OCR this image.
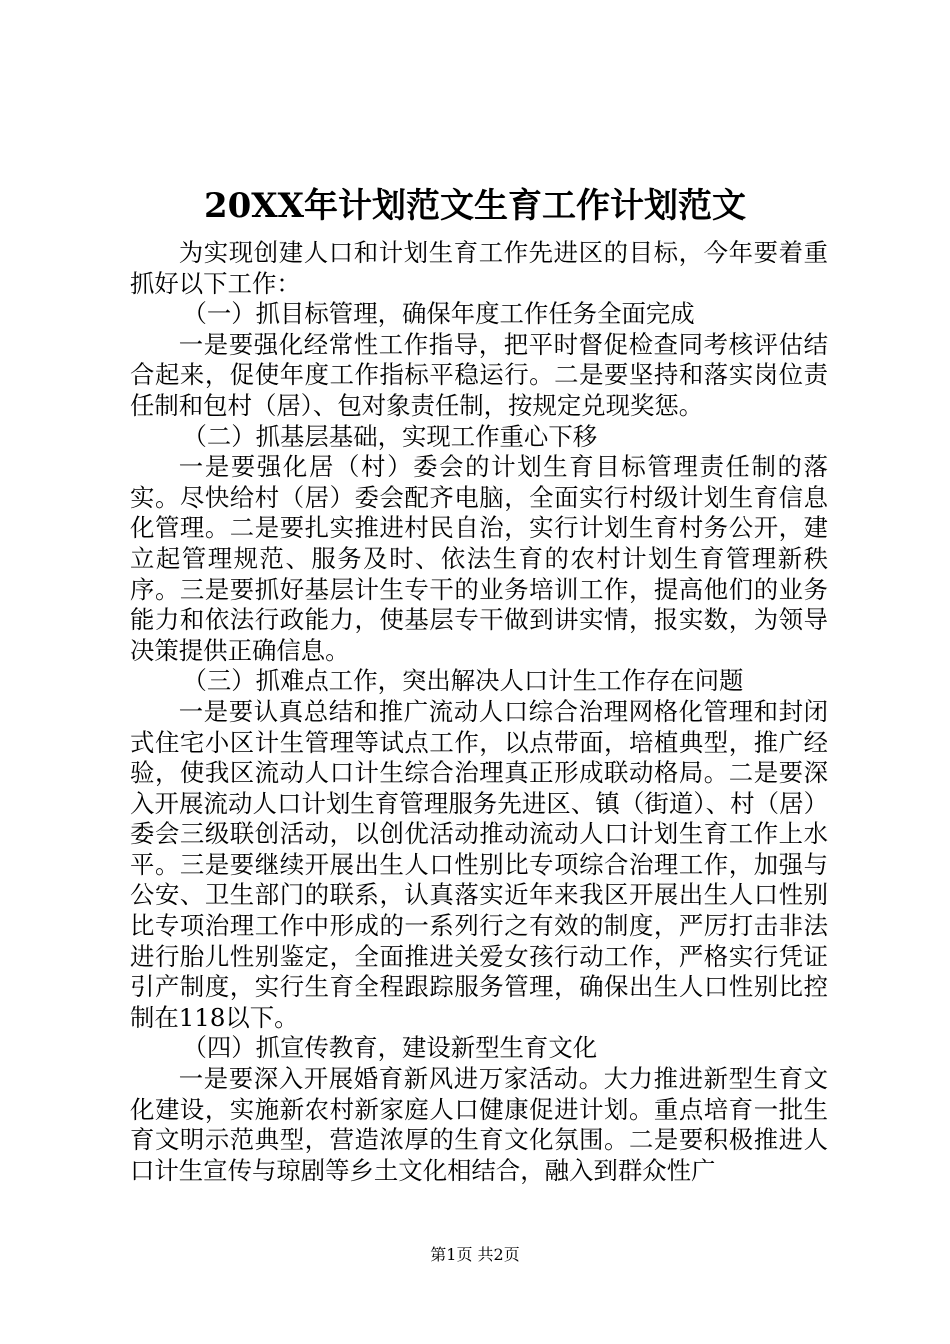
20XX年计划范文生育工作计划范文

为实现创建人口和计划生育工作先进区的目标，今年要着重抓好以下工作：

（一）抓目标管理，确保年度工作任务全面完成

一是要强化经常性工作指导，把平时督促检查同考核评估结合起来，促使年度工作指标平稳运行。二是要坚持和落实岗位责任制和包村（居）、包对象责任制，按规定兑现奖惩。

（二）抓基层基础，实现工作重心下移

一是要强化居（村）委会的计划生育目标管理责任制的落实。尽快给村（居）委会配齐电脑，全面实行村级计划生育信息化管理。二是要扎实推进村民自治，实行计划生育村务公开，建立起管理规范、服务及时、依法生育的农村计划生育管理新秩序。三是要抓好基层计生专干的业务培训工作，提高他们的业务能力和依法行政能力，使基层专干做到讲实情，报实数，为领导决策提供正确信息。

（三）抓难点工作，突出解决人口计生工作存在问题

一是要认真总结和推广流动人口综合治理网格化管理和封闭式住宅小区计生管理等试点工作，以点带面，培植典型，推广经验，使我区流动人口计生综合治理真正形成联动格局。二是要深入开展流动人口计划生育管理服务先进区、镇（街道）、村（居）委会三级联创活动，以创优活动推动流动人口计划生育工作上水平。三是要继续开展出生人口性别比专项综合治理工作，加强与公安、卫生部门的联系，认真落实近年来我区开展出生人口性别比专项治理工作中形成的一系列行之有效的制度，严厉打击非法进行胎儿性别鉴定，全面推进关爱女孩行动工作，严格实行凭证引产制度，实行生育全程跟踪服务管理，确保出生人口性别比控制在118以下。

（四）抓宣传教育，建设新型生育文化

一是要深入开展婚育新风进万家活动。大力推进新型生育文化建设，实施新农村新家庭人口健康促进计划。重点培育一批生育文明示范典型，营造浓厚的生育文化氛围。二是要积极推进人口计生宣传与琼剧等乡土文化相结合，融入到群众性广

第1页 共2页
